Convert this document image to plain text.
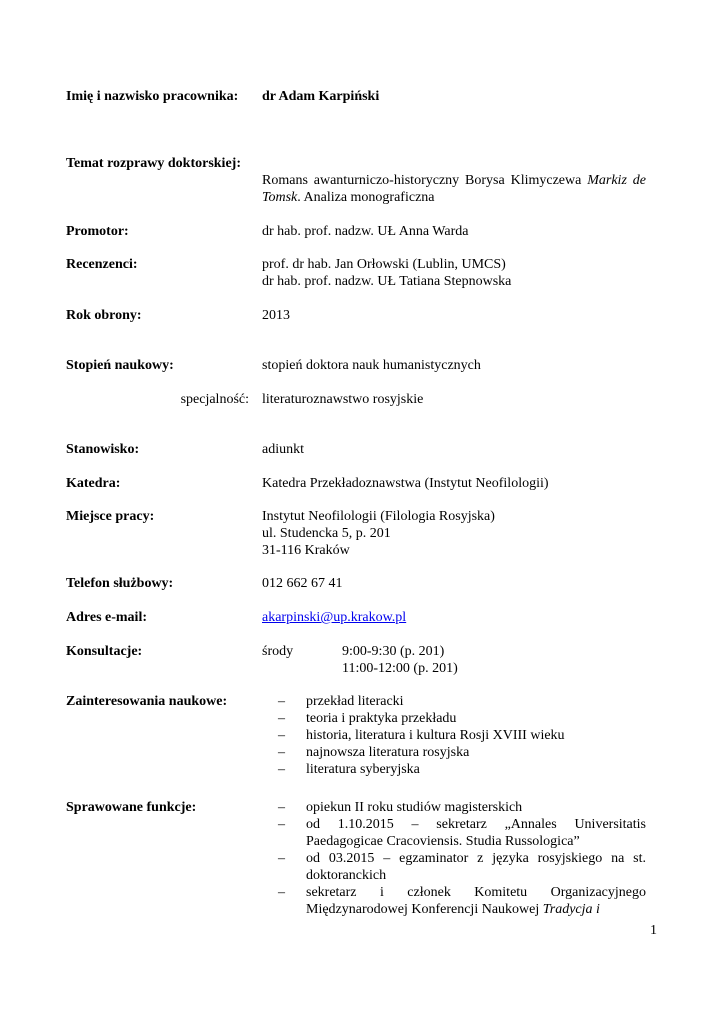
Imię i nazwisko pracownika: dr Adam Karpiński
Temat rozprawy doktorskiej:
Romans awanturniczo-historyczny Borysa Klimyczewa Markiz de Tomsk. Analiza monograficzna
Promotor:	dr hab. prof. nadzw. UŁ Anna Warda
Recenzenci:	prof. dr hab. Jan Orłowski (Lublin, UMCS)
dr hab. prof. nadzw. UŁ Tatiana Stepnowska
Rok obrony:	2013
Stopień naukowy:	stopień doktora nauk humanistycznych
specjalność: literaturoznawstwo rosyjskie
Stanowisko:	adiunkt
Katedra:	Katedra Przekładoznawstwa (Instytut Neofilologii)
Miejsce pracy:	Instytut Neofilologii (Filologia Rosyjska)
ul. Studencka 5, p. 201
31-116 Kraków
Telefon służbowy:	012 662 67 41
Adres e-mail:	akarpinski@up.krakow.pl
Konsultacje:	środy	9:00-9:30 (p. 201)
11:00-12:00 (p. 201)
Zainteresowania naukowe:	– przekład literacki
– teoria i praktyka przekładu
– historia, literatura i kultura Rosji XVIII wieku
– najnowsza literatura rosyjska
– literatura syberyjska
Sprawowane funkcje:	– opiekun II roku studiów magisterskich
– od 1.10.2015 – sekretarz „Annales Universitatis Paedagogicae Cracoviensis. Studia Russologica”
– od 03.2015 – egzaminator z języka rosyjskiego na st. doktoranckich
– sekretarz i członek Komitetu Organizacyjnego Międzynarodowej Konferencji Naukowej Tradycja i
1
